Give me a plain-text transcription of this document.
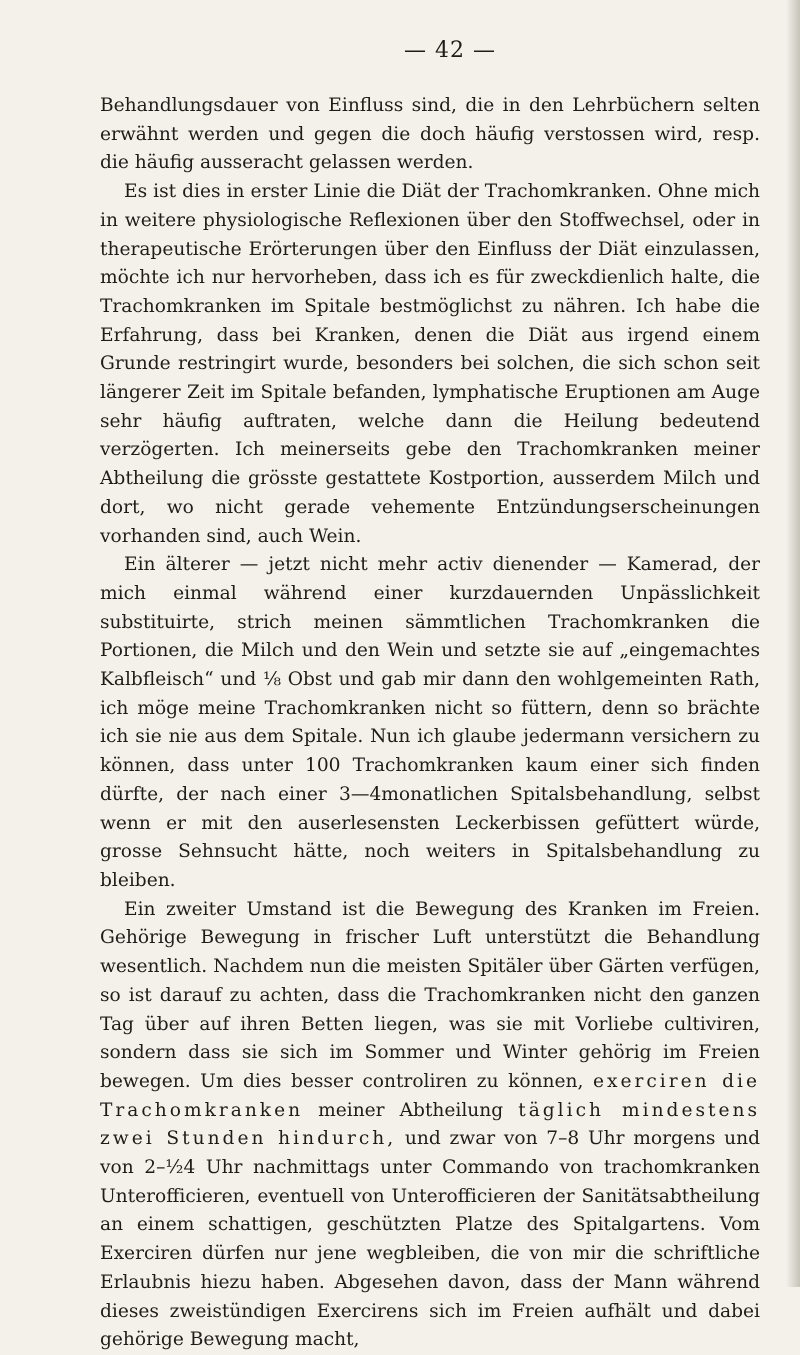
— 42 —

Behandlungsdauer von Einfluss sind, die in den Lehrbüchern selten erwähnt werden und gegen die doch häufig verstossen wird, resp. die häufig ausseracht gelassen werden.

Es ist dies in erster Linie die Diät der Trachomkranken. Ohne mich in weitere physiologische Reflexionen über den Stoffwechsel, oder in therapeutische Erörterungen über den Einfluss der Diät einzulassen, möchte ich nur hervorheben, dass ich es für zweckdienlich halte, die Trachomkranken im Spitale bestmöglichst zu nähren. Ich habe die Erfahrung, dass bei Kranken, denen die Diät aus irgend einem Grunde restringirt wurde, besonders bei solchen, die sich schon seit längerer Zeit im Spitale befanden, lymphatische Eruptionen am Auge sehr häufig auftraten, welche dann die Heilung bedeutend verzögerten. Ich meinerseits gebe den Trachomkranken meiner Abtheilung die grösste gestattete Kostportion, ausserdem Milch und dort, wo nicht gerade vehemente Entzündungserscheinungen vorhanden sind, auch Wein.

Ein älterer — jetzt nicht mehr activ dienender — Kamerad, der mich einmal während einer kurzdauernden Unpässlichkeit substituirte, strich meinen sämmtlichen Trachomkranken die Portionen, die Milch und den Wein und setzte sie auf „eingemachtes Kalbfleisch“ und ⅛ Obst und gab mir dann den wohlgemeinten Rath, ich möge meine Trachomkranken nicht so füttern, denn so brächte ich sie nie aus dem Spitale. Nun ich glaube jedermann versichern zu können, dass unter 100 Trachomkranken kaum einer sich finden dürfte, der nach einer 3—4monatlichen Spitalsbehandlung, selbst wenn er mit den auserlesensten Leckerbissen gefüttert würde, grosse Sehnsucht hätte, noch weiters in Spitalsbehandlung zu bleiben.

Ein zweiter Umstand ist die Bewegung des Kranken im Freien. Gehörige Bewegung in frischer Luft unterstützt die Behandlung wesentlich. Nachdem nun die meisten Spitäler über Gärten verfügen, so ist darauf zu achten, dass die Trachomkranken nicht den ganzen Tag über auf ihren Betten liegen, was sie mit Vorliebe cultiviren, sondern dass sie sich im Sommer und Winter gehörig im Freien bewegen. Um dies besser controliren zu können, exerciren die Trachomkranken meiner Abtheilung täglich mindestens zwei Stunden hindurch, und zwar von 7–8 Uhr morgens und von 2–½4 Uhr nachmittags unter Commando von trachomkranken Unterofficieren, eventuell von Unterofficieren der Sanitätsabtheilung an einem schattigen, geschützten Platze des Spitalgartens. Vom Exerciren dürfen nur jene wegbleiben, die von mir die schriftliche Erlaubnis hiezu haben. Abgesehen davon, dass der Mann während dieses zweistündigen Exercirens sich im Freien aufhält und dabei gehörige Bewegung macht,
